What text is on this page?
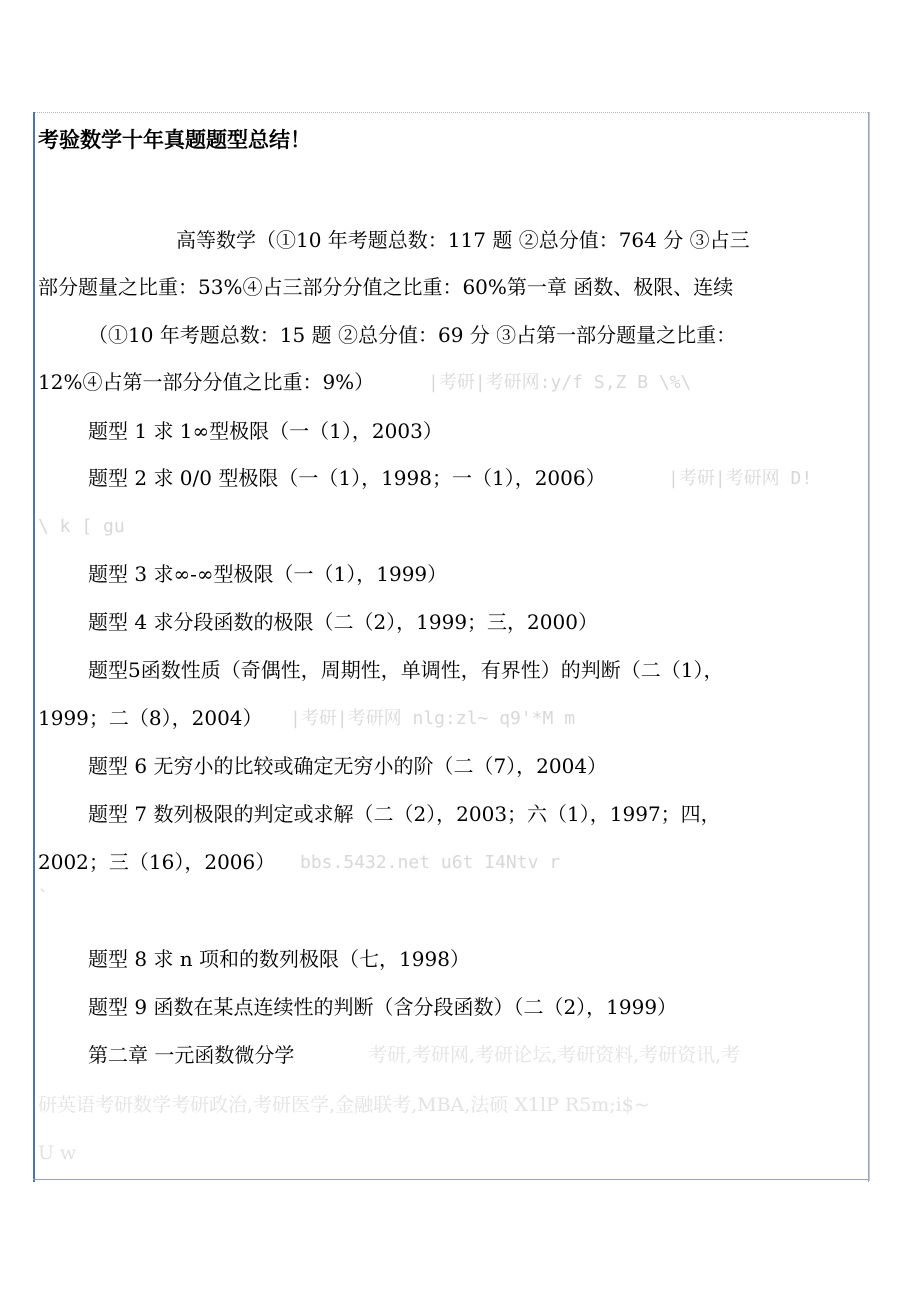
考验数学十年真题题型总结！
高等数学（①10 年考题总数：117 题 ②总分值：764 分 ③占三
部分题量之比重：53%④占三部分分值之比重：60%第一章 函数、极限、连续
（①10 年考题总数：15 题 ②总分值：69 分 ③占第一部分题量之比重：
12%④占第一部分分值之比重：9%）	|考研|考研网:y/f S,Z B \%\
题型 1 求 1∞型极限（一（1），2003）
题型 2 求 0/0 型极限（一（1），1998；一（1），2006）	|考研|考研网 D!
\ k [ gu
题型 3 求∞-∞型极限（一（1），1999）
题型 4 求分段函数的极限（二（2），1999；三，2000）
题型5函数性质（奇偶性，周期性，单调性，有界性）的判断（二（1），
1999；二（8），2004） |考研|考研网 nlg:zl~ q9'*M m
题型 6 无穷小的比较或确定无穷小的阶（二（7），2004）
题型 7 数列极限的判定或求解（二（2），2003；六（1），1997；四，
2002；三（16），2006） bbs.5432.net u6t I4Ntv r
`
题型 8 求 n 项和的数列极限（七，1998）
题型 9 函数在某点连续性的判断（含分段函数）（二（2），1999）
第二章 一元函数微分学	考研,考研网,考研论坛,考研资料,考研资讯,考
研英语考研数学考研政治,考研医学,金融联考,MBA,法硕 X1lP R5m;i$~
U w
